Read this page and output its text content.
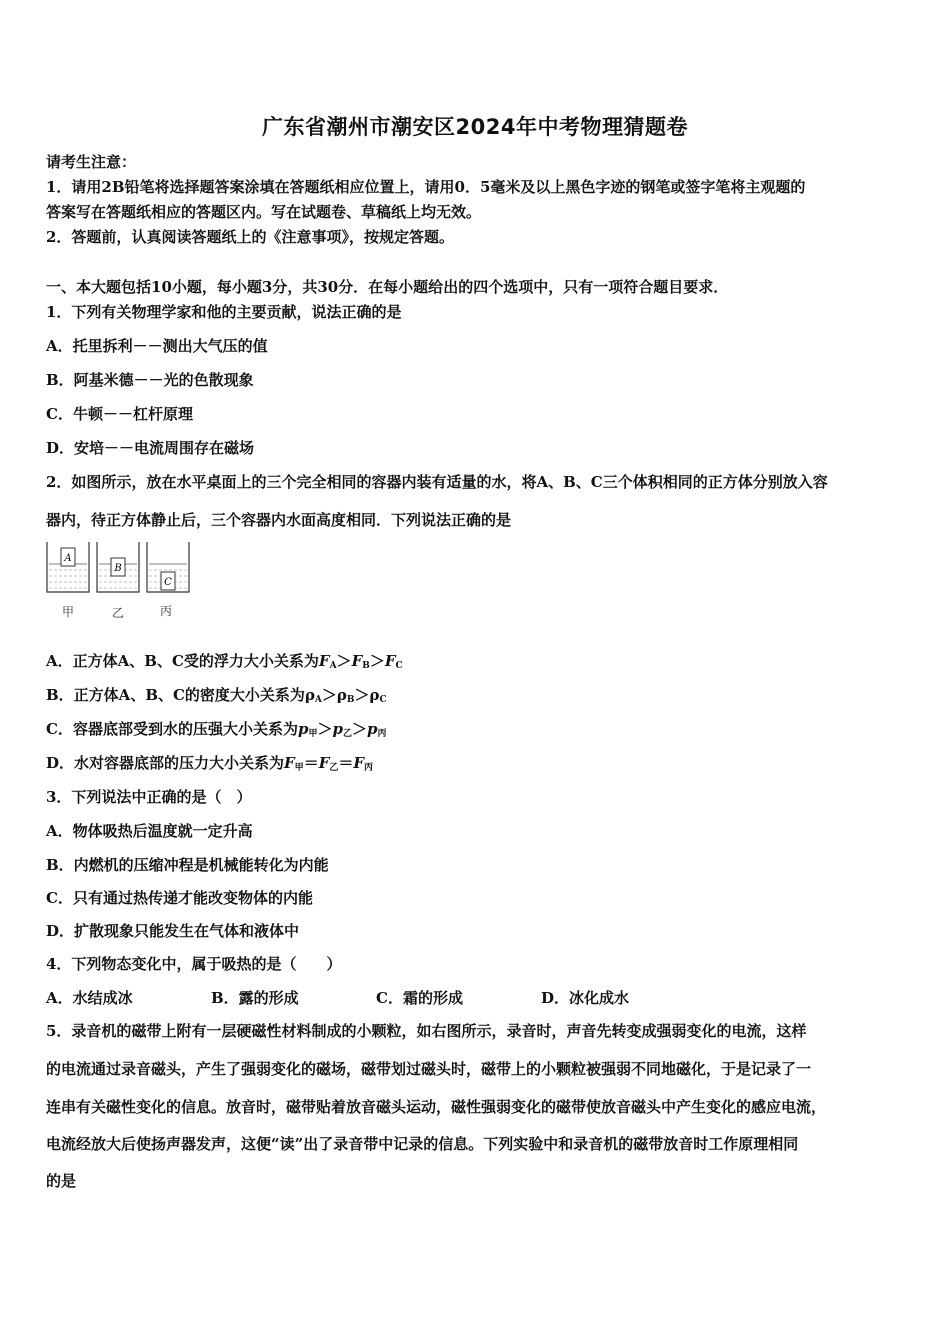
广东省潮州市潮安区2024年中考物理猜题卷
请考生注意：
1．请用2B铅笔将选择题答案涂填在答题纸相应位置上，请用0．5毫米及以上黑色字迹的钢笔或签字笔将主观题的
答案写在答题纸相应的答题区内。写在试题卷、草稿纸上均无效。
2．答题前，认真阅读答题纸上的《注意事项》，按规定答题。
一、本大题包括10小题，每小题3分，共30分．在每小题给出的四个选项中，只有一项符合题目要求．
1．下列有关物理学家和他的主要贡献，说法正确的是
A．托里拆利－－测出大气压的值
B．阿基米德－－光的色散现象
C．牛顿－－杠杆原理
D．安培－－电流周围存在磁场
2．如图所示，放在水平桌面上的三个完全相同的容器内装有适量的水，将A、B、C三个体积相同的正方体分别放入容
器内，待正方体静止后，三个容器内水面高度相同．下列说法正确的是
A
B
C
甲	乙	丙
A．正方体A、B、C受的浮力大小关系为$F_A>F_B>F_C$
B．正方体A、B、C的密度大小关系为$\rho_A>\rho_B>\rho_C$
C．容器底部受到水的压强大小关系为$p_甲>p_乙>p_丙$
D．水对容器底部的压力大小关系为$F_甲=F_乙=F_丙$
3．下列说法中正确的是（　）
A．物体吸热后温度就一定升高
B．内燃机的压缩冲程是机械能转化为内能
C．只有通过热传递才能改变物体的内能
D．扩散现象只能发生在气体和液体中
4．下列物态变化中，属于吸热的是（　　）
A．水结成冰	B．露的形成	C．霜的形成	D．冰化成水
5．录音机的磁带上附有一层硬磁性材料制成的小颗粒，如右图所示，录音时，声音先转变成强弱变化的电流，这样
的电流通过录音磁头，产生了强弱变化的磁场，磁带划过磁头时，磁带上的小颗粒被强弱不同地磁化，于是记录了一
连串有关磁性变化的信息。放音时，磁带贴着放音磁头运动，磁性强弱变化的磁带使放音磁头中产生变化的感应电流，
电流经放大后使扬声器发声，这便“读”出了录音带中记录的信息。下列实验中和录音机的磁带放音时工作原理相同
的是
